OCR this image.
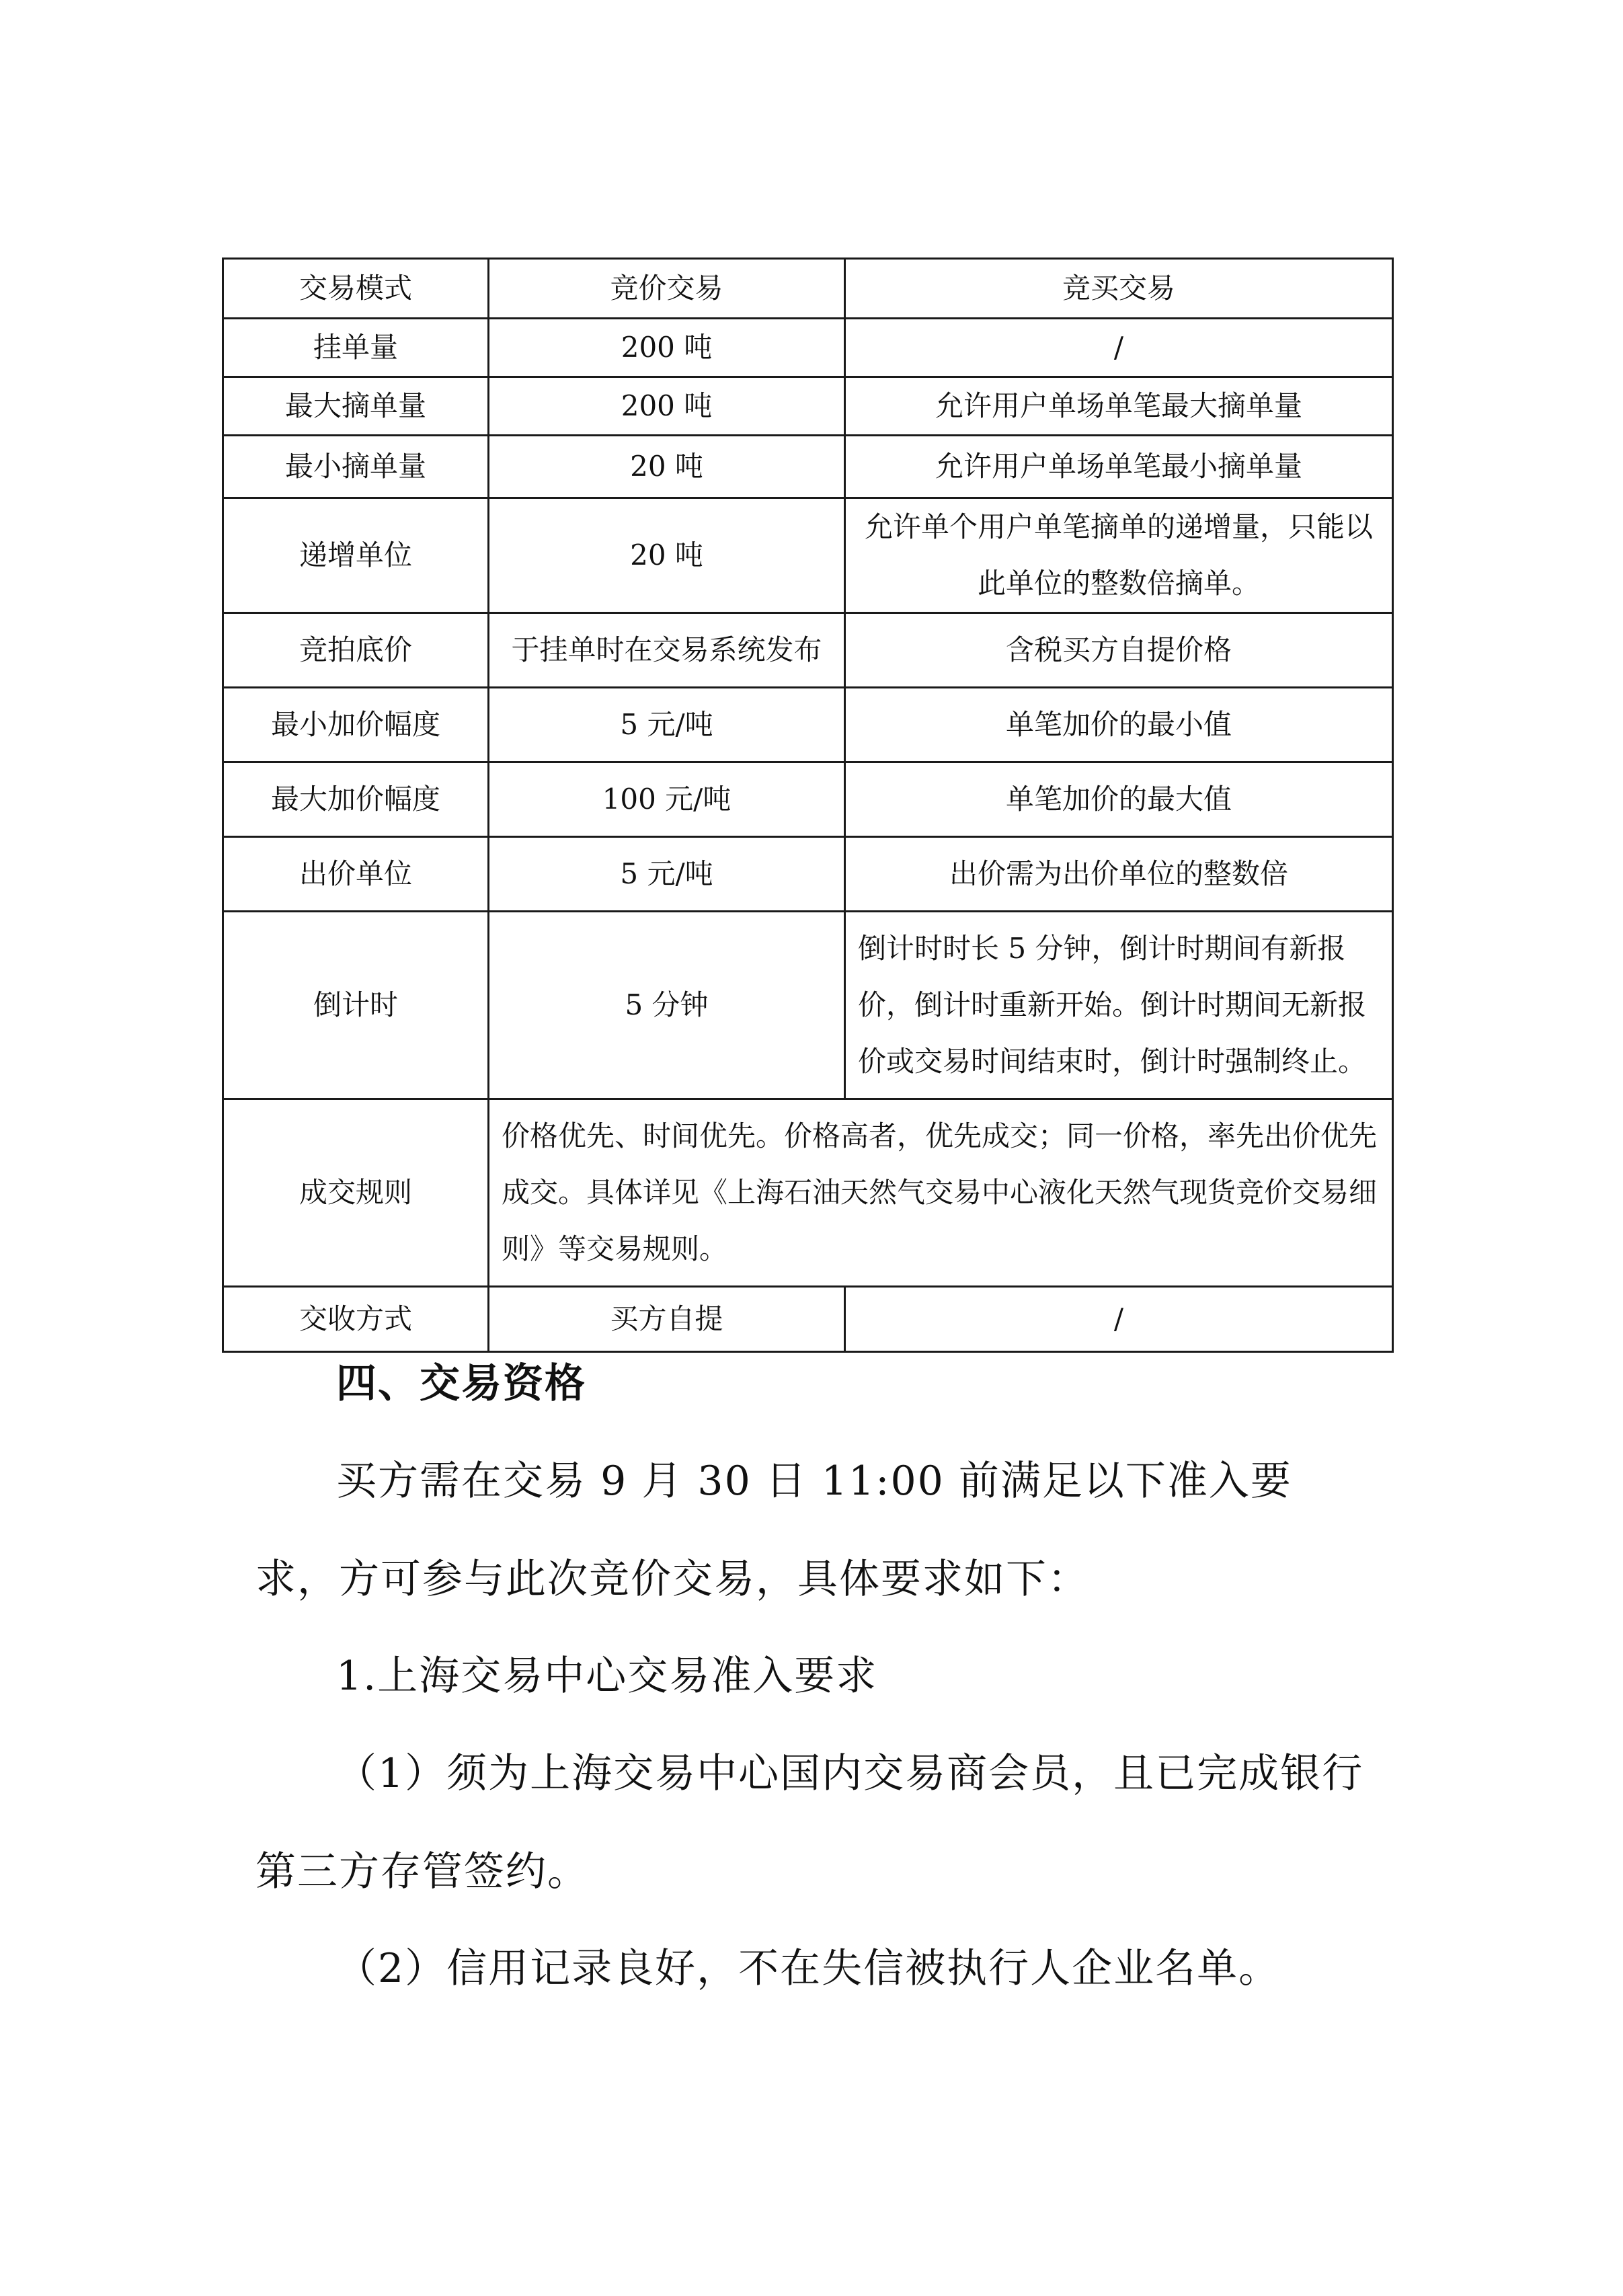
交易模式	竞价交易	竞买交易
挂单量	200 吨	/
最大摘单量	200 吨	允许用户单场单笔最大摘单量
最小摘单量	20 吨	允许用户单场单笔最小摘单量
递增单位	20 吨	允许单个用户单笔摘单的递增量，只能以此单位的整数倍摘单。
竞拍底价	于挂单时在交易系统发布	含税买方自提价格
最小加价幅度	5 元/吨	单笔加价的最小值
最大加价幅度	100 元/吨	单笔加价的最大值
出价单位	5 元/吨	出价需为出价单位的整数倍
倒计时	5 分钟	倒计时时长 5 分钟，倒计时期间有新报价，倒计时重新开始。倒计时期间无新报价或交易时间结束时，倒计时强制终止。
成交规则	价格优先、时间优先。价格高者，优先成交；同一价格，率先出价优先成交。具体详见《上海石油天然气交易中心液化天然气现货竞价交易细则》等交易规则。	
交收方式	买方自提	/
四、交易资格
买方需在交易 9 月 30 日 11:00 前满足以下准入要求，方可参与此次竞价交易，具体要求如下：
1.上海交易中心交易准入要求
（1）须为上海交易中心国内交易商会员，且已完成银行第三方存管签约。
（2）信用记录良好，不在失信被执行人企业名单。
